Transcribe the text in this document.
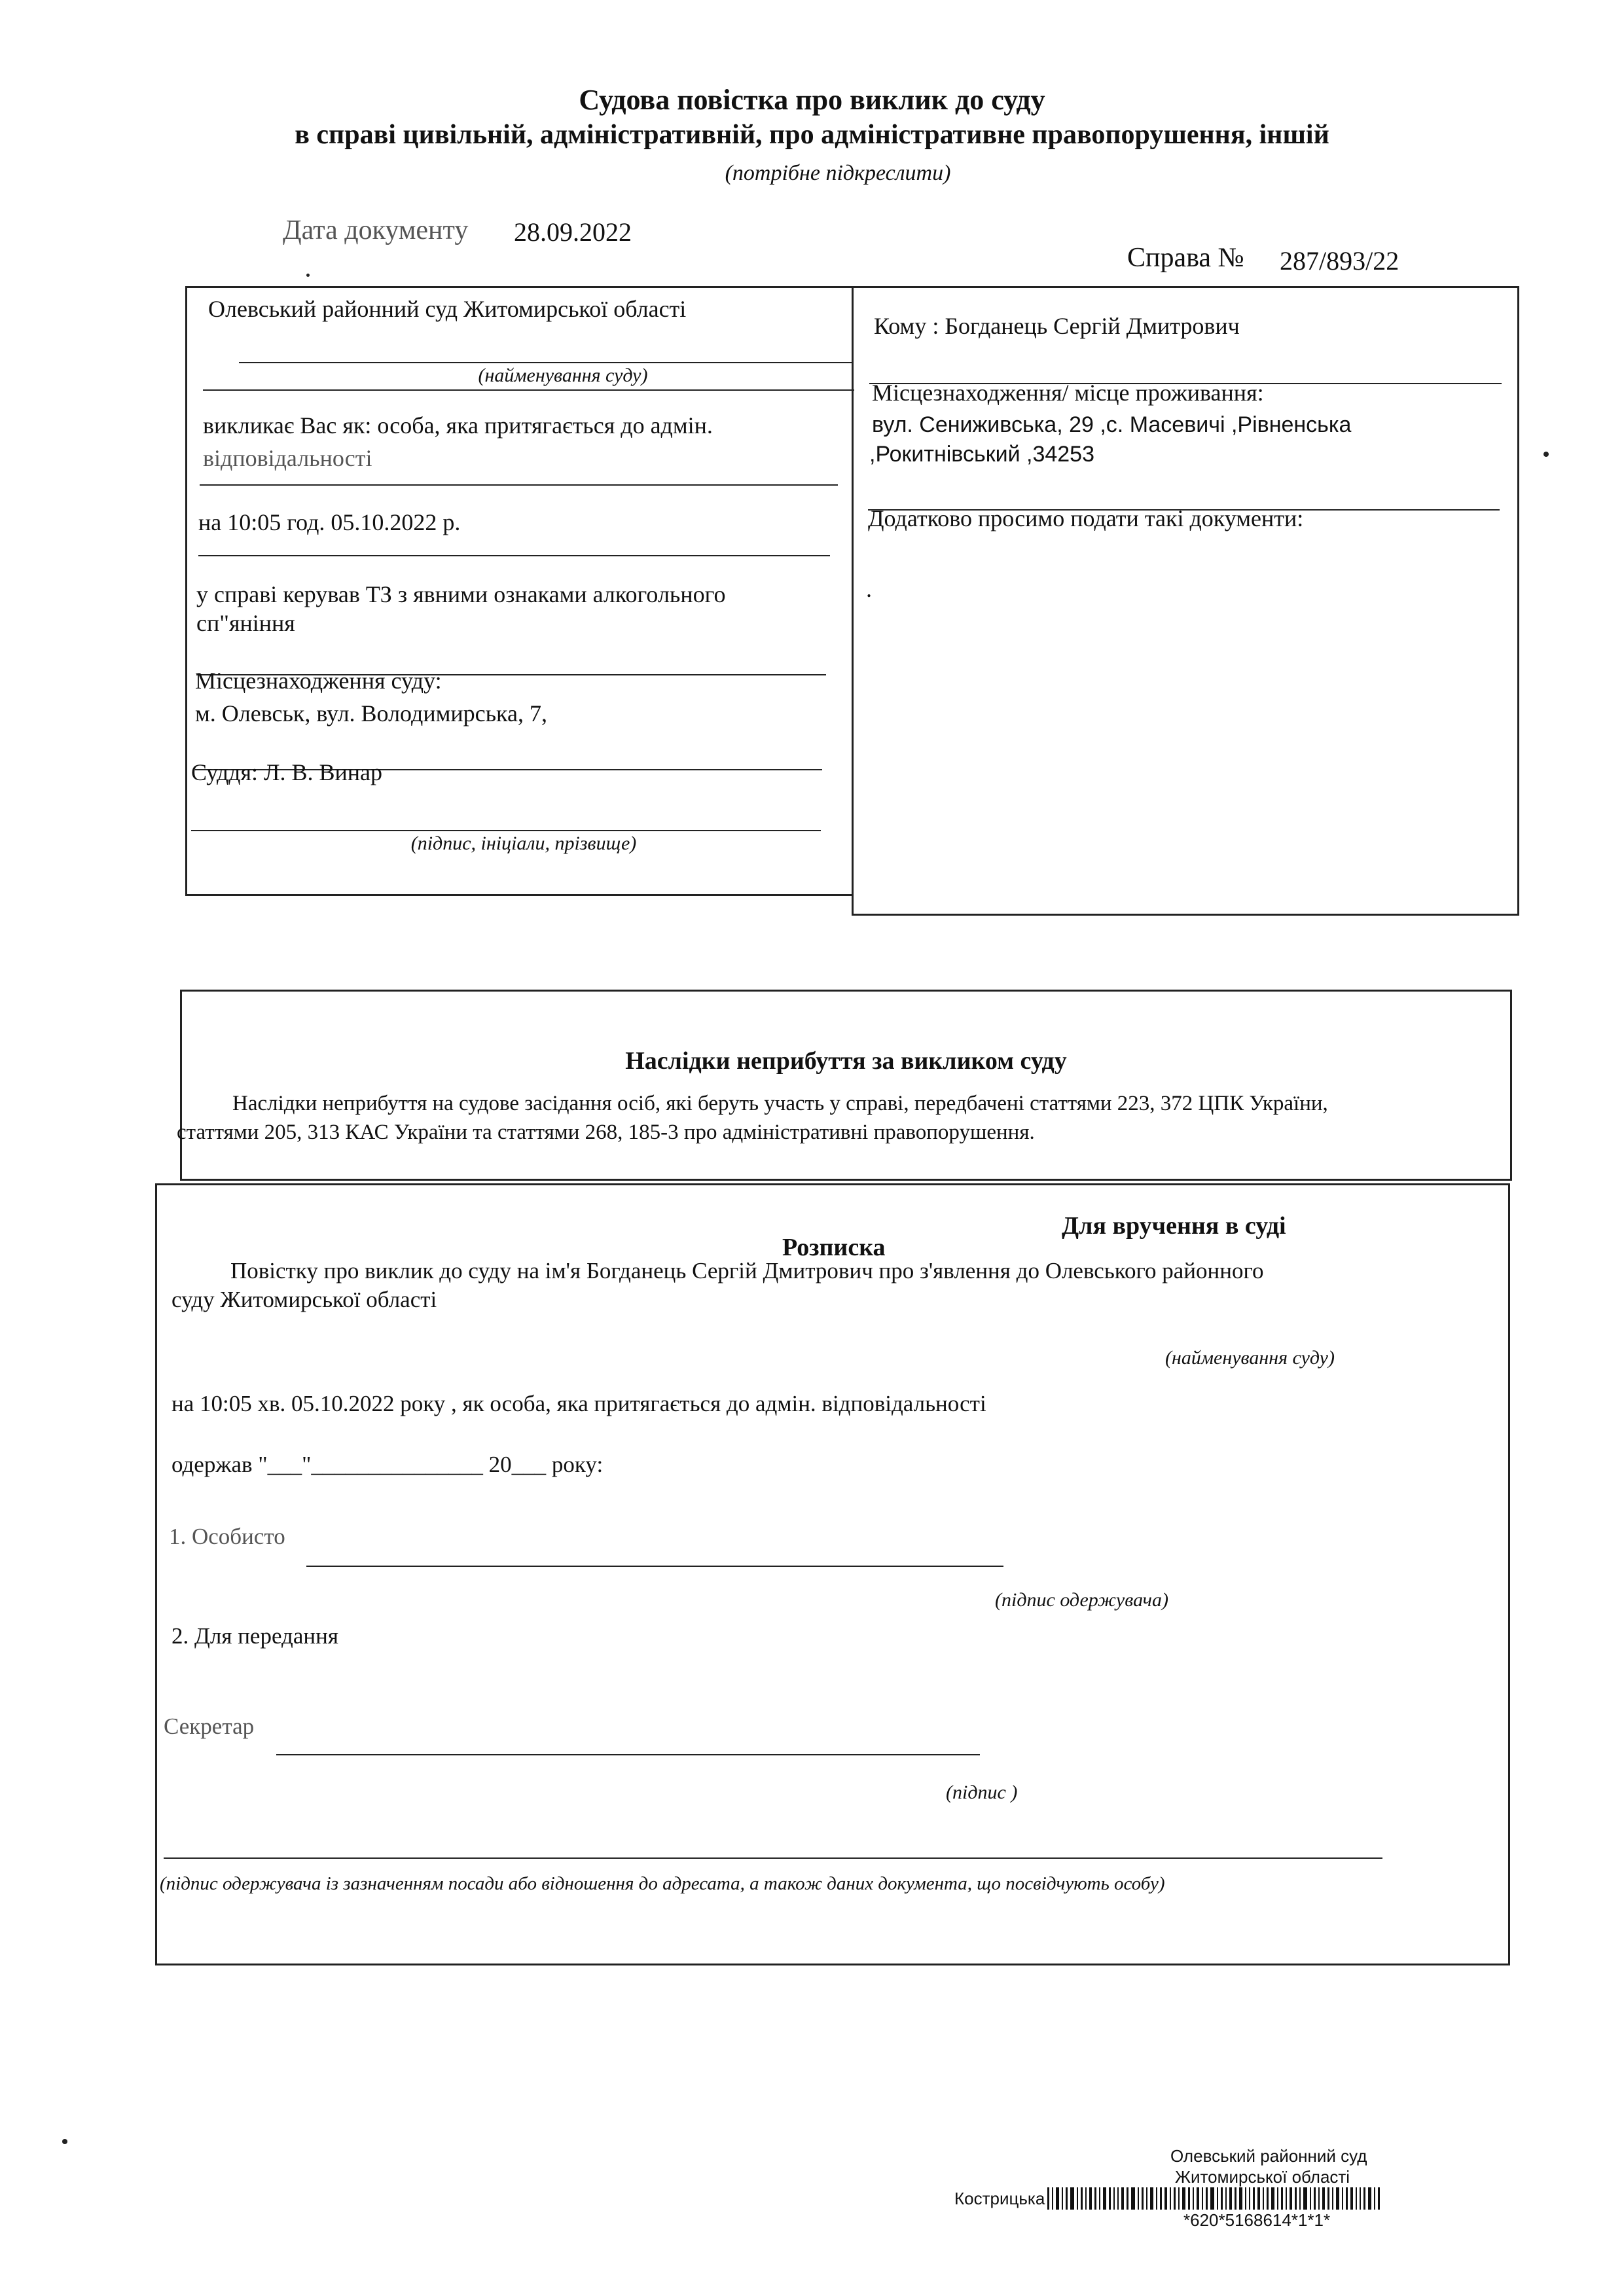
Судова повістка про виклик до суду
в справі цивільній, адміністративній, про адміністративне правопорушення, іншій
(потрібне підкреслити)
Дата документу 28.09.2022
Справа № 287/893/22
Олевський районний суд Житомирської області
(найменування суду)
викликає Вас як: особа, яка притягається до адмін.
відповідальності
на 10:05 год. 05.10.2022 р.
у справі керував ТЗ з явними ознаками алкогольного
сп"яніння
Місцезнаходження суду:
м. Олевськ, вул. Володимирська, 7,
Суддя: Л. В. Винар
(підпис, ініціали, прізвище)
Кому : Богданець Сергій Дмитрович
Місцезнаходження/ місце проживання:
вул. Сениживська, 29 ,с. Масевичі ,Рівненська
,Рокитнівський ,34253
Додатково просимо подати такі документи:
.
Наслідки неприбуття за викликом суду
Наслідки неприбуття на судове засідання осіб, які беруть участь у справі, передбачені статтями 223, 372 ЦПК України,
статтями 205, 313 КАС України та статтями 268, 185-3 про адміністративні правопорушення.
Для вручення в суді
Розписка
Повістку про виклик до суду на ім'я Богданець Сергій Дмитрович про з'явлення до Олевського районного
суду Житомирської області
(найменування суду)
на 10:05 хв. 05.10.2022 року , як особа, яка притягається до адмін. відповідальності
одержав "___"_______________ 20___ року:
1. Особисто
(підпис одержувача)
2. Для передання
Секретар
(підпис )
(підпис одержувача із зазначенням посади або відношення до адресата, а також даних документа, що посвідчують особу)
Олевський районний суд
Житомирської області
Кострицька
*620*5168614*1*1*
